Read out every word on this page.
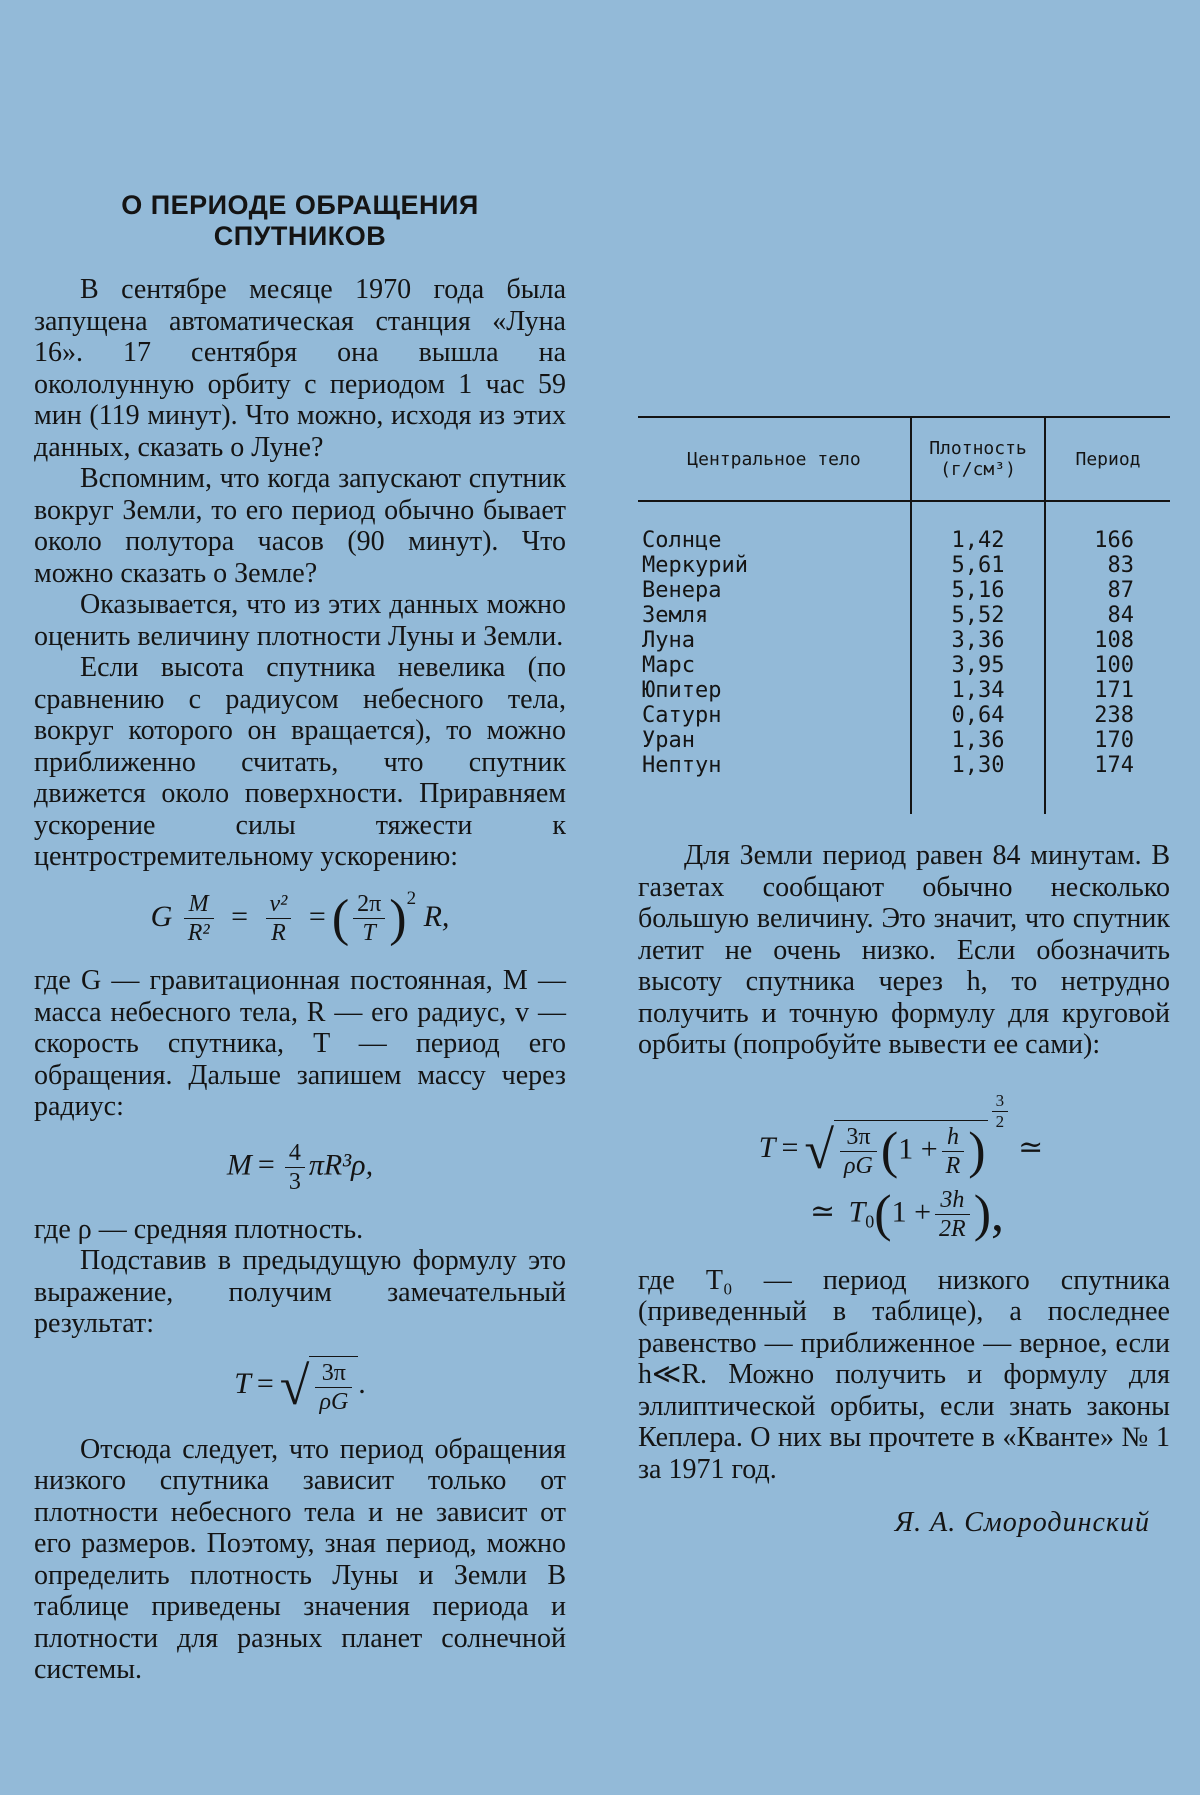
О ПЕРИОДЕ ОБРАЩЕНИЯ
СПУТНИКОВ

В сентябре месяце 1970 года была запущена автоматическая станция «Луна 16». 17 сентября она вышла на окололунную орбиту с периодом 1 час 59 мин (119 минут). Что можно, исходя из этих данных, сказать о Луне?

Вспомним, что когда запускают спутник вокруг Земли, то его период обычно бывает около полутора часов (90 минут). Что можно сказать о Земле?

Оказывается, что из этих данных можно оценить величину плотности Луны и Земли.

Если высота спутника невелика (по сравнению с радиусом небесного тела, вокруг которого он вращается), то можно приближенно считать, что спутник движется около поверхности. Приравняем ускорение силы тяжести к центростремительному ускорению:

G $\frac{M}{\text{R²}} = \frac{\text{v²}}{R}$ = ( $\frac{2\pi}{T} )^2$ R,

где G — гравитационная постоянная, M — масса небесного тела, R — его радиус, v — скорость спутника, T — период его обращения. Дальше запишем массу через радиус:

$M = \frac{4}{3} \pi R^3\rho$,

где ρ — средняя плотность.

Подставив в предыдущую формулу это выражение, получим замечательный результат:

T = √ $\frac{3\pi}{\rho G}$ .

Отсюда следует, что период обращения низкого спутника зависит только от плотности небесного тела и не зависит от его размеров. Поэтому, зная период, можно определить плотность Луны и Земли В таблице приведены значения периода и плотности для разных планет солнечной системы.

Центральное тело	Плотность (г/см³)	Период
Солнце	1,42	166
Меркурий	5,61	83
Венера	5,16	87
Земля	5,52	84
Луна	3,36	108
Марс	3,95	100
Юпитер	1,34	171
Сатурн	0,64	238
Уран	1,36	170
Нептун	1,30	174

Для Земли период равен 84 минутам. В газетах сообщают обычно несколько большую величину. Это значит, что спутник летит не очень низко. Если обозначить высоту спутника через h, то нетрудно получить и точную формулу для круговой орбиты (попробуйте вывести ее сами):

T = √ $\frac{3\pi}{\rho G} (1 + \frac{h}{R}$ )
$\frac{3}{2}$
≃
≃ $T_0(1 + \frac{3h}{2R}$ ),

где T₀ — период низкого спутника (приведенный в таблице), а последнее равенство — приближенное — верное, если h≪R. Можно получить и формулу для эллиптической орбиты, если знать законы Кеплера. О них вы прочтете в «Кванте» № 1 за 1971 год.

Я. А. Смородинский
